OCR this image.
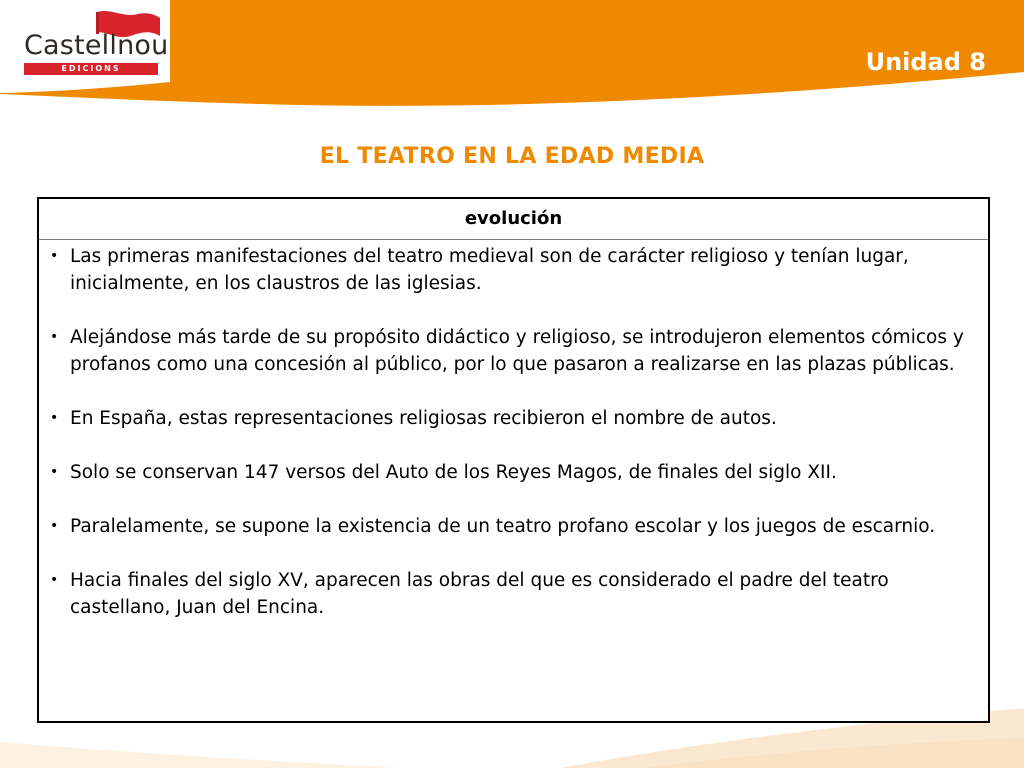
Castellnou
EDICIONS	Unidad 8
EL TEATRO EN LA EDAD MEDIA
evolución
• Las primeras manifestaciones del teatro medieval son de carácter religioso y tenían lugar, inicialmente, en los claustros de las iglesias.
• Alejándose más tarde de su propósito didáctico y religioso, se introdujeron elementos cómicos y profanos como una concesión al público, por lo que pasaron a realizarse en las plazas públicas.
• En España, estas representaciones religiosas recibieron el nombre de autos.
• Solo se conservan 147 versos del Auto de los Reyes Magos, de finales del siglo XII.
• Paralelamente, se supone la existencia de un teatro profano escolar y los juegos de escarnio.
• Hacia finales del siglo XV, aparecen las obras del que es considerado el padre del teatro castellano, Juan del Encina.
